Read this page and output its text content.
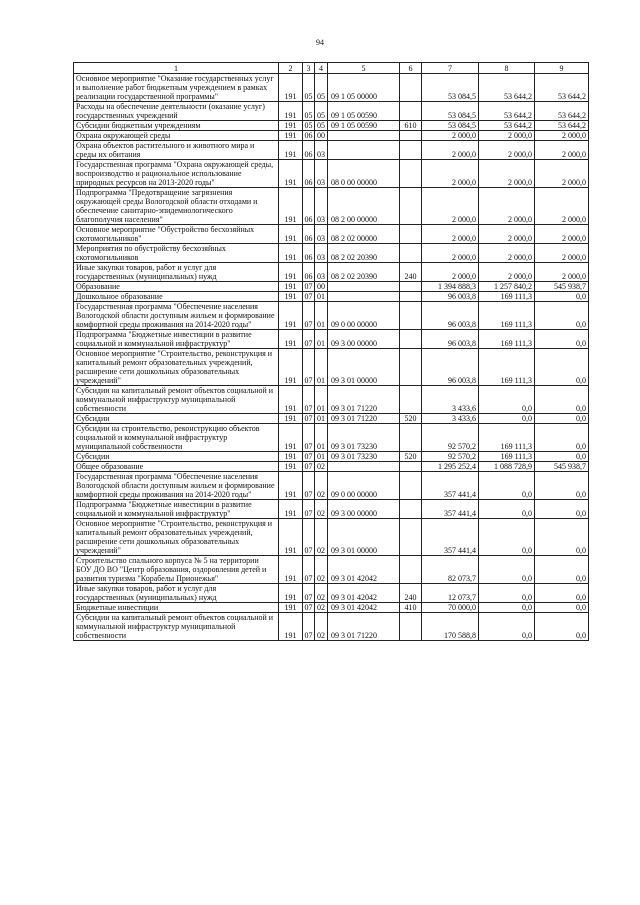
94
1	2	3	4	5	6	7	8	9
Основное мероприятие "Оказание государственных услуг и выполнение работ бюджетным учреждением в рамках реализации государственной программы"	191	05	05	09 1 05 00000		53 084,5	53 644,2	53 644,2
Расходы на обеспечение деятельности (оказание услуг) государственных учреждений	191	05	05	09 1 05 00590		53 084,5	53 644,2	53 644,2
Субсидии бюджетным учреждениям	191	05	05	09 1 05 00590	610	53 084,5	53 644,2	53 644,2
Охрана окружающей среды	191	06	00			2 000,0	2 000,0	2 000,0
Охрана объектов растительного и животного мира и среды их обитания	191	06	03			2 000,0	2 000,0	2 000,0
Государственная программа "Охрана окружающей среды, воспроизводство и рациональное использование природных ресурсов на 2013-2020 годы"	191	06	03	08 0 00 00000		2 000,0	2 000,0	2 000,0
Подпрограмма "Предотвращение загрязнения окружающей среды Вологодской области отходами и обеспечение санитарно-эпидемиологического благополучия населения"	191	06	03	08 2 00 00000		2 000,0	2 000,0	2 000,0
Основное мероприятие "Обустройство бесхозяйных скотомогильников"	191	06	03	08 2 02 00000		2 000,0	2 000,0	2 000,0
Мероприятия по обустройству бесхозяйных скотомогильников	191	06	03	08 2 02 20390		2 000,0	2 000,0	2 000,0
Иные закупки товаров, работ и услуг для государственных (муниципальных) нужд	191	06	03	08 2 02 20390	240	2 000,0	2 000,0	2 000,0
Образование	191	07	00			1 394 888,3	1 257 840,2	545 938,7
Дошкольное образование	191	07	01			96 003,8	169 111,3	0,0
Государственная программа "Обеспечение населения Вологодской области доступным жильем и формирование комфортной среды проживания на 2014-2020 годы"	191	07	01	09 0 00 00000		96 003,8	169 111,3	0,0
Подпрограмма "Бюджетные инвестиции в развитие социальной и коммунальной инфраструктур"	191	07	01	09 3 00 00000		96 003,8	169 111,3	0,0
Основное мероприятие "Строительство, реконструкция и капитальный ремонт образовательных учреждений, расширение сети дошкольных образовательных учреждений"	191	07	01	09 3 01 00000		96 003,8	169 111,3	0,0
Субсидии на капитальный ремонт объектов социальной и коммунальной инфраструктур муниципальной собственности	191	07	01	09 3 01 71220		3 433,6	0,0	0,0
Субсидии	191	07	01	09 3 01 71220	520	3 433,6	0,0	0,0
Субсидии на строительство, реконструкцию объектов социальной и коммунальной инфраструктур муниципальной собственности	191	07	01	09 3 01 73230		92 570,2	169 111,3	0,0
Субсидии	191	07	01	09 3 01 73230	520	92 570,2	169 111,3	0,0
Общее образование	191	07	02			1 295 252,4	1 088 728,9	545 938,7
Государственная программа "Обеспечение населения Вологодской области доступным жильем и формирование комфортной среды проживания на 2014-2020 годы"	191	07	02	09 0 00 00000		357 441,4	0,0	0,0
Подпрограмма "Бюджетные инвестиции в развитие социальной и коммунальной инфраструктур"	191	07	02	09 3 00 00000		357 441,4	0,0	0,0
Основное мероприятие "Строительство, реконструкция и капитальный ремонт образовательных учреждений, расширение сети дошкольных образовательных учреждений"	191	07	02	09 3 01 00000		357 441,4	0,0	0,0
Строительство спального корпуса № 5 на территории БОУ ДО ВО "Центр образования, оздоровления детей и развития туризма "Корабелы Прионежья"	191	07	02	09 3 01 42042		82 073,7	0,0	0,0
Иные закупки товаров, работ и услуг для государственных (муниципальных) нужд	191	07	02	09 3 01 42042	240	12 073,7	0,0	0,0
Бюджетные инвестиции	191	07	02	09 3 01 42042	410	70 000,0	0,0	0,0
Субсидии на капитальный ремонт объектов социальной и коммунальной инфраструктур муниципальной собственности	191	07	02	09 3 01 71220		170 588,8	0,0	0,0
